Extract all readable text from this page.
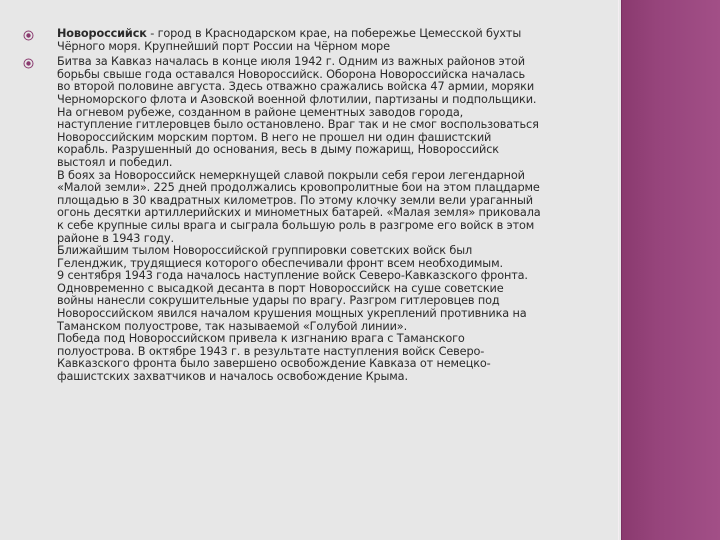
Новороссийск - город в Краснодарском крае, на побережье Цемесской бухты
Чёрного моря. Крупнейший порт России на Чёрном море
Битва за Кавказ началась в конце июля 1942 г. Одним из важных районов этой
борьбы свыше года оставался Новороссийск. Оборона Новороссийска началась
во второй половине августа. Здесь отважно сражались войска 47 армии, моряки
Черноморского флота и Азовской военной флотилии, партизаны и подпольщики.
На огневом рубеже, созданном в районе цементных заводов города,
наступление гитлеровцев было остановлено. Враг так и не смог воспользоваться
Новороссийским морским портом. В него не прошел ни один фашистский
корабль. Разрушенный до основания, весь в дыму пожарищ, Новороссийск
выстоял и победил.
В боях за Новороссийск немеркнущей славой покрыли себя герои легендарной
«Малой земли». 225 дней продолжались кровопролитные бои на этом плацдарме
площадью в 30 квадратных километров. По этому клочку земли вели ураганный
огонь десятки артиллерийских и минометных батарей. «Малая земля» приковала
к себе крупные силы врага и сыграла большую роль в разгроме его войск в этом
районе в 1943 году.
Ближайшим тылом Новороссийской группировки советских войск был
Геленджик, трудящиеся которого обеспечивали фронт всем необходимым.
9 сентября 1943 года началось наступление войск Северо-Кавказского фронта.
Одновременно с высадкой десанта в порт Новороссийск на суше советские
войны нанесли сокрушительные удары по врагу. Разгром гитлеровцев под
Новороссийском явился началом крушения мощных укреплений противника на
Таманском полуострове, так называемой «Голубой линии».
Победа под Новороссийском привела к изгнанию врага с Таманского
полуострова. В октябре 1943 г. в результате наступления войск Северо-
Кавказского фронта было завершено освобождение Кавказа от немецко-
фашистских захватчиков и началось освобождение Крыма.
